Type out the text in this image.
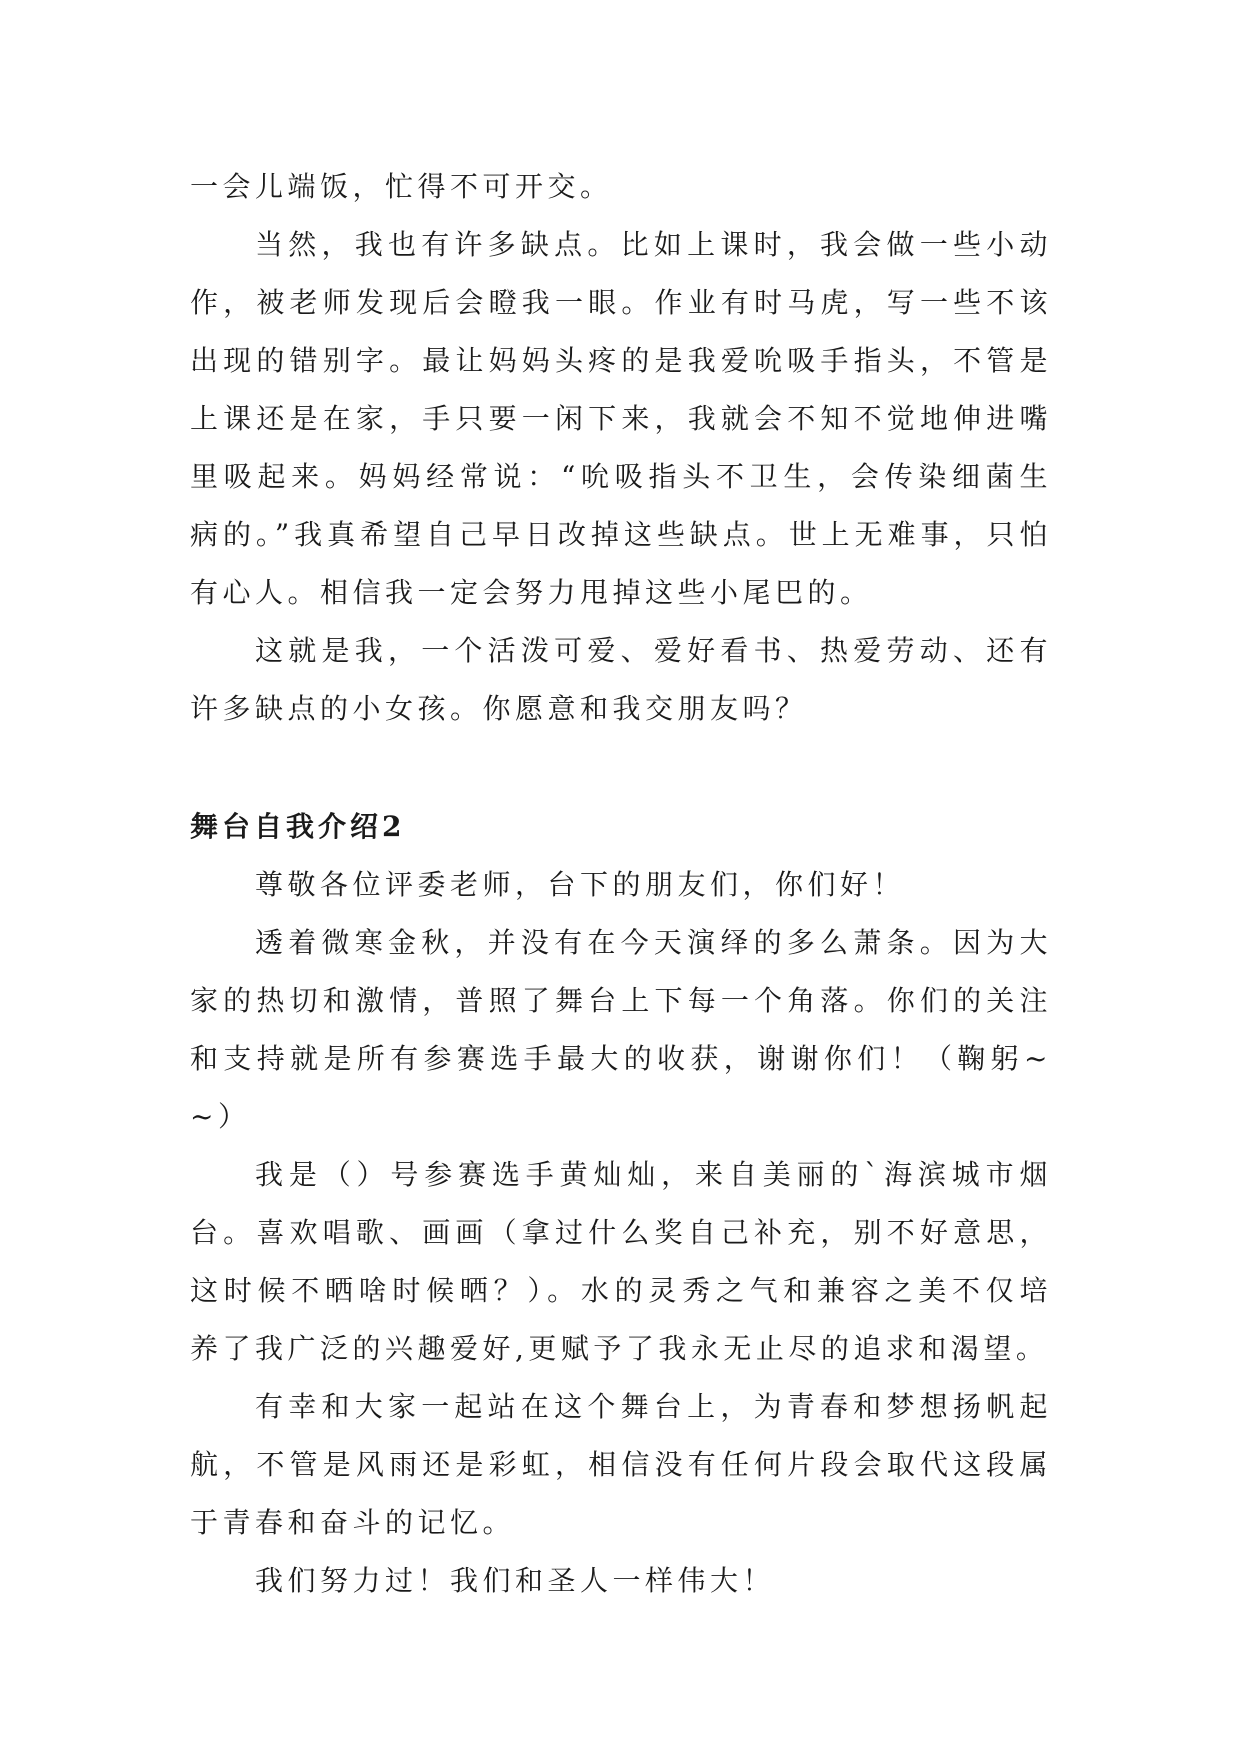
一会儿端饭，忙得不可开交。

当然，我也有许多缺点。比如上课时，我会做一些小动作，被老师发现后会瞪我一眼。作业有时马虎，写一些不该出现的错别字。最让妈妈头疼的是我爱吮吸手指头，不管是上课还是在家，手只要一闲下来，我就会不知不觉地伸进嘴里吸起来。妈妈经常说：“吮吸指头不卫生，会传染细菌生病的。”我真希望自己早日改掉这些缺点。世上无难事，只怕有心人。相信我一定会努力甩掉这些小尾巴的。

这就是我，一个活泼可爱、爱好看书、热爱劳动、还有许多缺点的小女孩。你愿意和我交朋友吗？

舞台自我介绍2

尊敬各位评委老师，台下的朋友们，你们好！

透着微寒金秋，并没有在今天演绎的多么萧条。因为大家的热切和激情，普照了舞台上下每一个角落。你们的关注和支持就是所有参赛选手最大的收获，谢谢你们！（鞠躬~~）

我是（）号参赛选手黄灿灿，来自美丽的`海滨城市烟台。喜欢唱歌、画画（拿过什么奖自己补充，别不好意思，这时候不晒啥时候晒？）。水的灵秀之气和兼容之美不仅培养了我广泛的兴趣爱好,更赋予了我永无止尽的追求和渴望。

有幸和大家一起站在这个舞台上，为青春和梦想扬帆起航，不管是风雨还是彩虹，相信没有任何片段会取代这段属于青春和奋斗的记忆。

我们努力过！我们和圣人一样伟大！
